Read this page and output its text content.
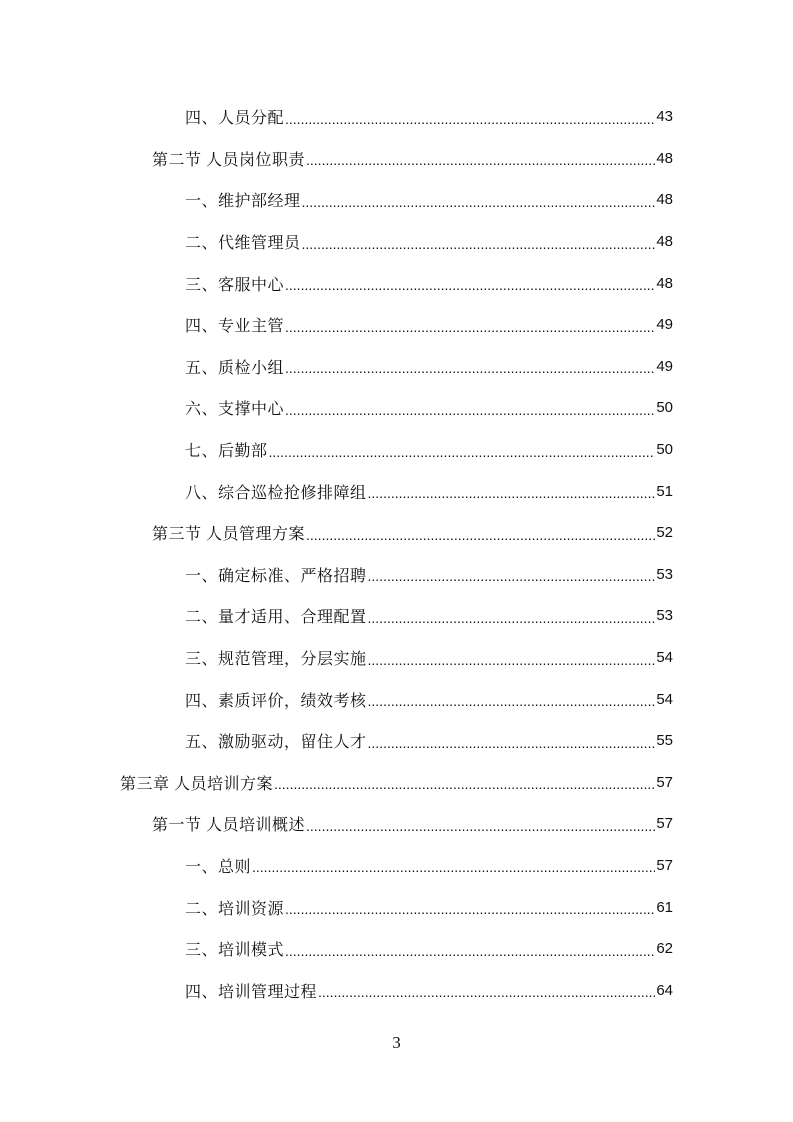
四、人员分配 .....	43
第二节 人员岗位职责 .....	48
一、维护部经理 .....	48
二、代维管理员 .....	48
三、客服中心 .....	48
四、专业主管 .....	49
五、质检小组 .....	49
六、支撑中心 .....	50
七、后勤部 .....	50
八、综合巡检抢修排障组 .....	51
第三节 人员管理方案 .....	52
一、确定标准、严格招聘 .....	53
二、量才适用、合理配置 .....	53
三、规范管理，分层实施 .....	54
四、素质评价，绩效考核 .....	54
五、激励驱动，留住人才 .....	55
第三章 人员培训方案 .....	57
第一节 人员培训概述 .....	57
一、总则 .....	57
二、培训资源 .....	61
三、培训模式 .....	62
四、培训管理过程 .....	64
3
